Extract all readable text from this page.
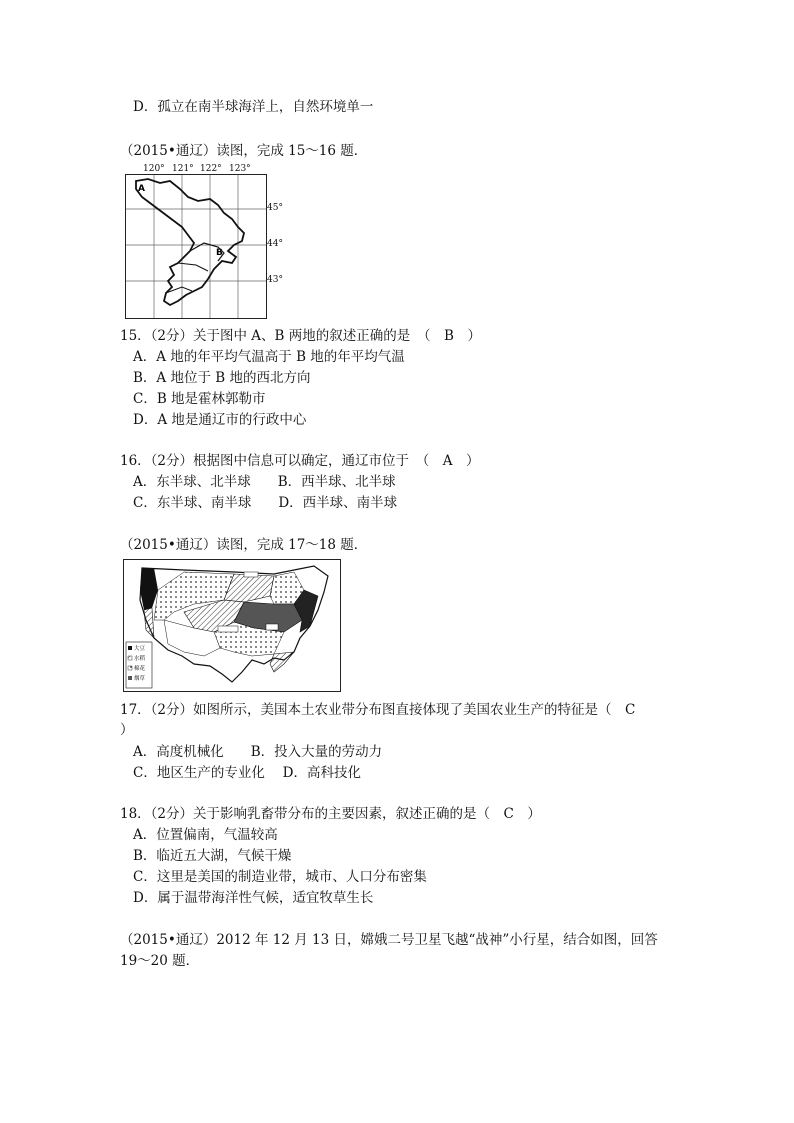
D．孤立在南半球海洋上，自然环境单一
（2015•通辽）读图，完成 15～16 题．
A
B
120° 121° 122° 123°
45°
44°
43°
15．（2分）关于图中 A、B 两地的叙述正确的是　（　B　）
A．A 地的年平均气温高于 B 地的年平均气温
B．A 地位于 B 地的西北方向
C．B 地是霍林郭勒市
D．A 地是通辽市的行政中心
16．（2分）根据图中信息可以确定，通辽市位于　（　A　）
A．东半球、北半球　　B．西半球、北半球
C．东半球、南半球　　D．西半球、南半球
（2015•通辽）读图，完成 17～18 题．
大豆
水稻
棉花
烟草
17．（2分）如图所示，美国本土农业带分布图直接体现了美国农业生产的特征是（　C
）
A．高度机械化　　B．投入大量的劳动力
C．地区生产的专业化　 D．高科技化
18．（2分）关于影响乳畜带分布的主要因素，叙述正确的是（　C　）
A．位置偏南，气温较高
B．临近五大湖，气候干燥
C．这里是美国的制造业带，城市、人口分布密集
D．属于温带海洋性气候，适宜牧草生长
（2015•通辽）2012 年 12 月 13 日，嫦娥二号卫星飞越“战神”小行星，结合如图，回答
19～20 题．
